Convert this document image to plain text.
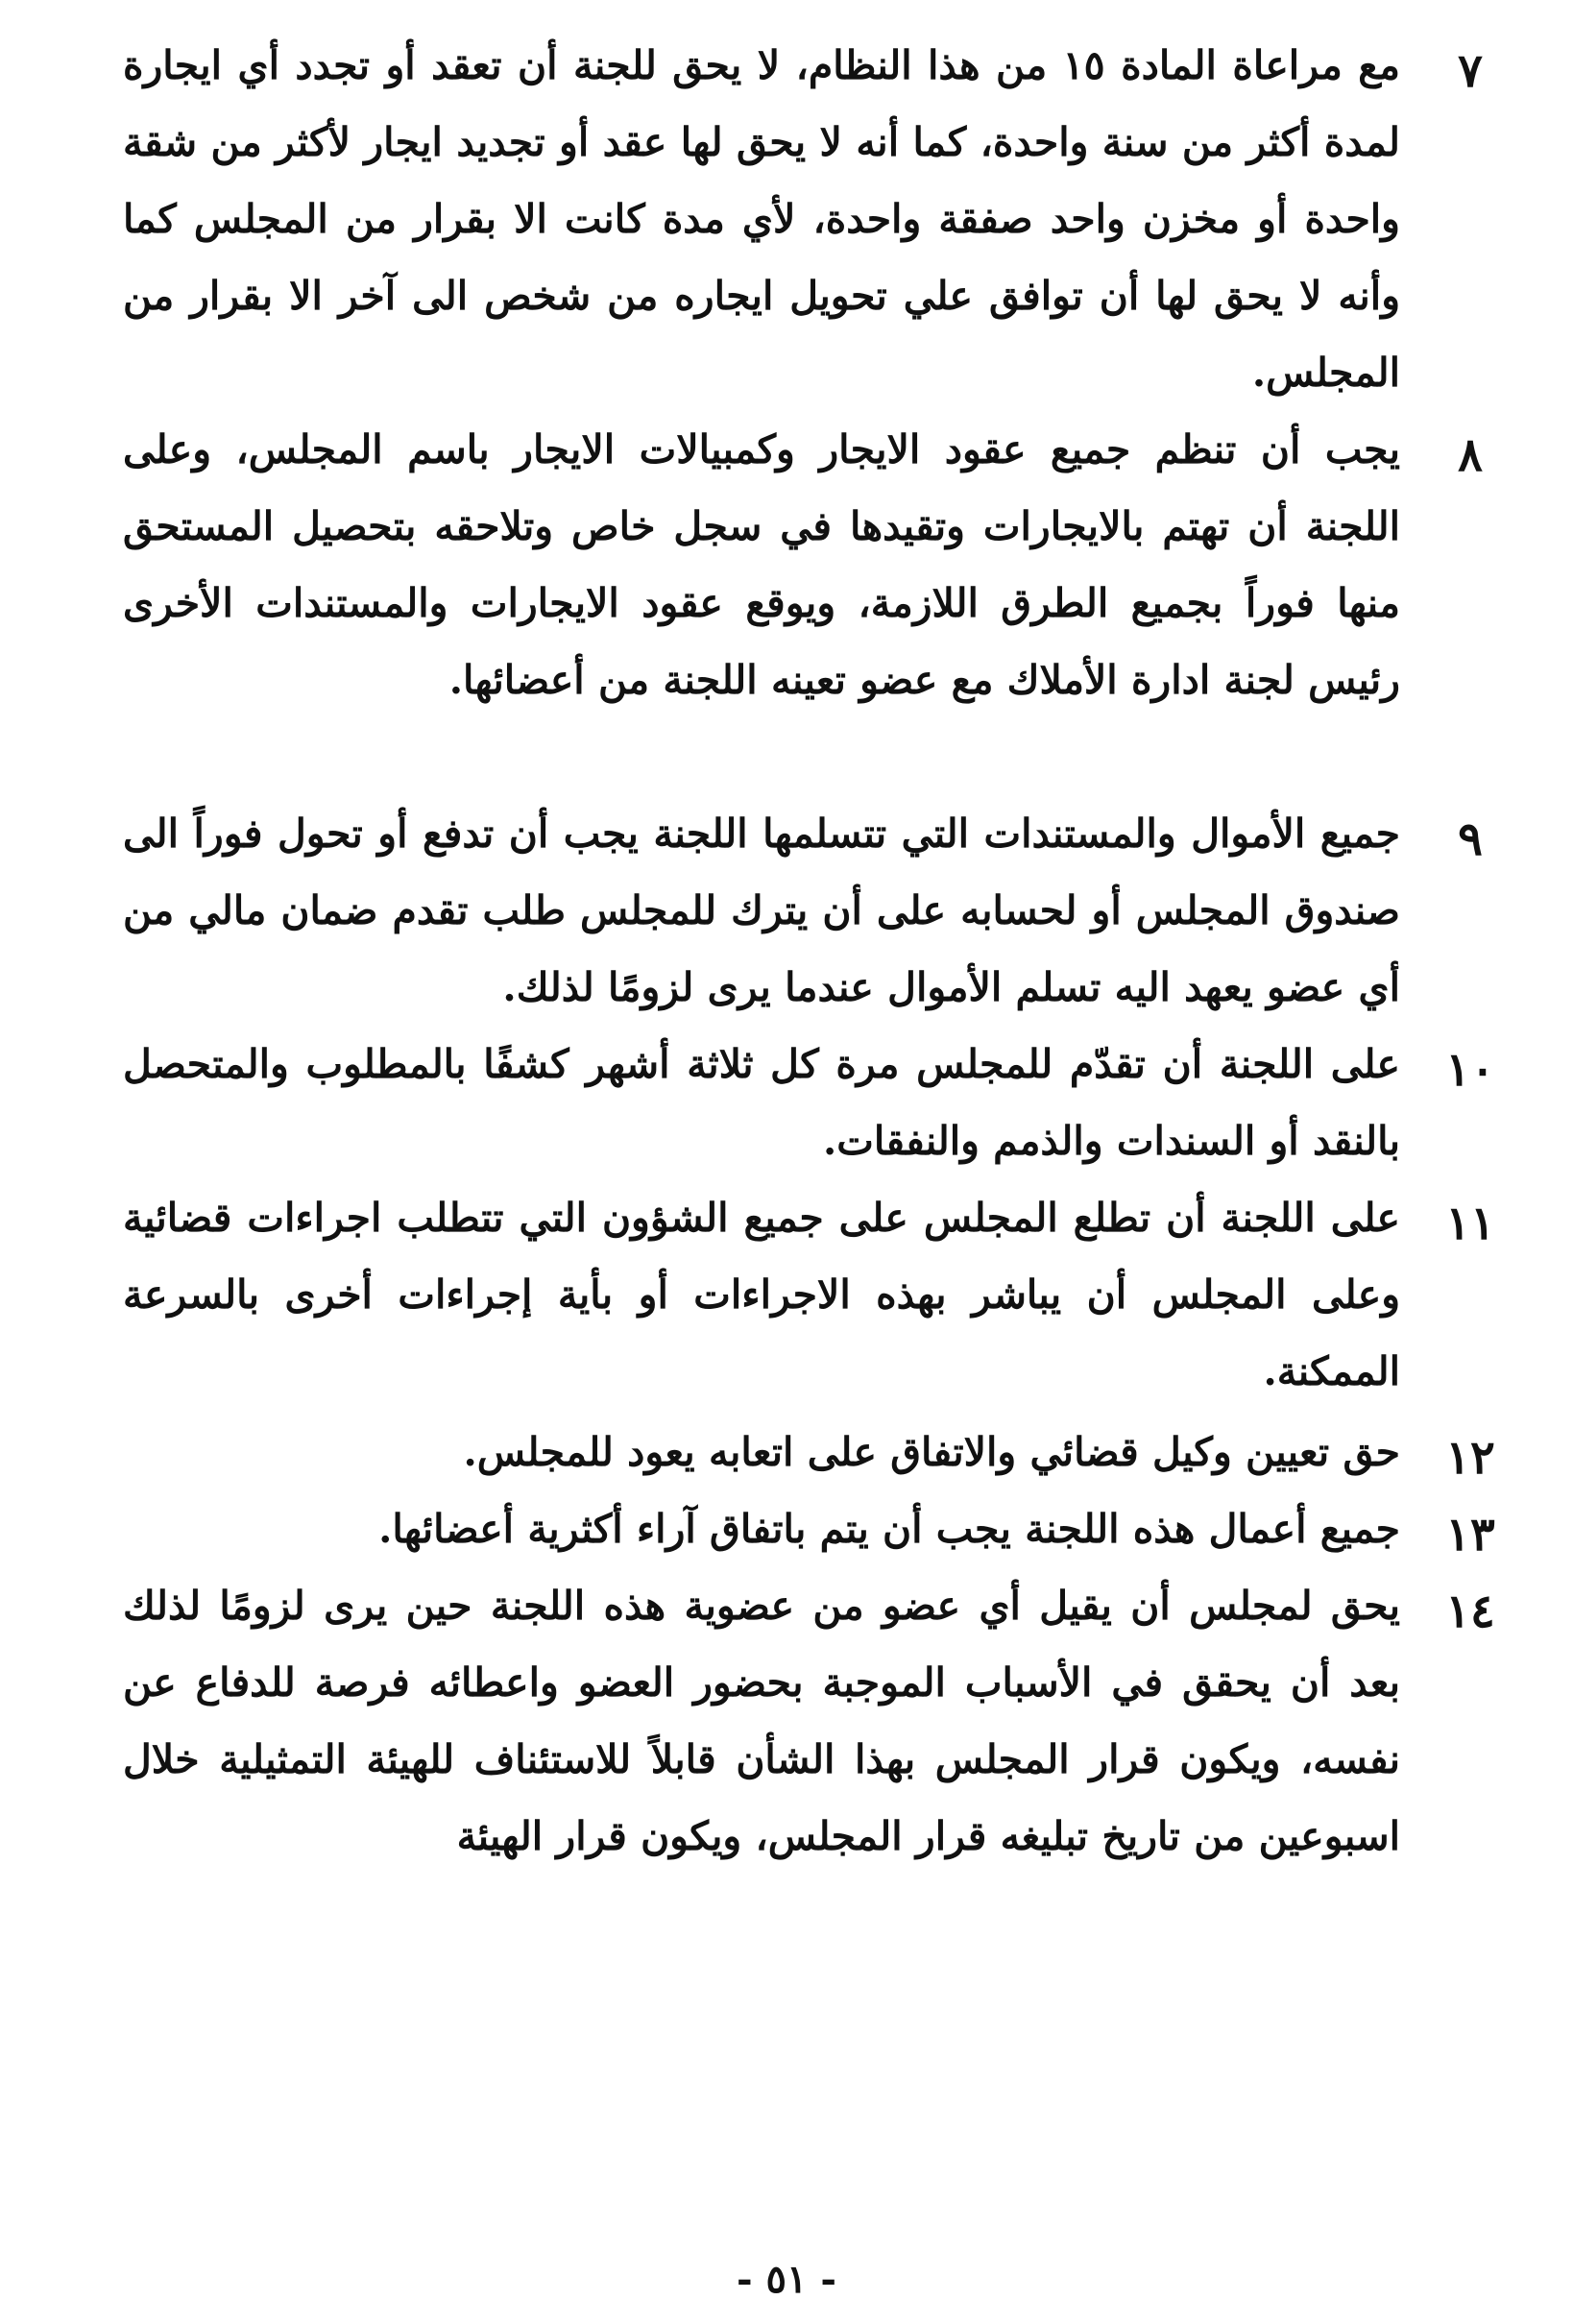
٧
مع مراعاة المادة ١٥ من هذا النظام، لا يحق للجنة أن تعقد أو تجدد أي ايجارة لمدة أكثر من سنة واحدة، كما أنه لا يحق لها عقد أو تجديد ايجار لأكثر من شقة واحدة أو مخزن واحد صفقة واحدة، لأي مدة كانت الا بقرار من المجلس كما وأنه لا يحق لها أن توافق علي تحويل ايجاره من شخص الى آخر الا بقرار من المجلس.
٨
يجب أن تنظم جميع عقود الايجار وكمبيالات الايجار باسم المجلس، وعلى اللجنة أن تهتم بالايجارات وتقيدها في سجل خاص وتلاحقه بتحصيل المستحق منها فوراً بجميع الطرق اللازمة، ويوقع عقود الايجارات والمستندات الأخرى رئيس لجنة ادارة الأملاك مع عضو تعينه اللجنة من أعضائها.
٩
جميع الأموال والمستندات التي تتسلمها اللجنة يجب أن تدفع أو تحول فوراً الى صندوق المجلس أو لحسابه على أن يترك للمجلس طلب تقدم ضمان مالي من أي عضو يعهد اليه تسلم الأموال عندما يرى لزومًا لذلك.
١٠
على اللجنة أن تقدّم للمجلس مرة كل ثلاثة أشهر كشفًا بالمطلوب والمتحصل بالنقد أو السندات والذمم والنفقات.
١١
على اللجنة أن تطلع المجلس على جميع الشؤون التي تتطلب اجراءات قضائية وعلى المجلس أن يباشر بهذه الاجراءات أو بأية إجراءات أخرى بالسرعة الممكنة.
١٢
حق تعيين وكيل قضائي والاتفاق على اتعابه يعود للمجلس.
١٣
جميع أعمال هذه اللجنة يجب أن يتم باتفاق آراء أكثرية أعضائها.
١٤
يحق لمجلس أن يقيل أي عضو من عضوية هذه اللجنة حين يرى لزومًا لذلك بعد أن يحقق في الأسباب الموجبة بحضور العضو واعطائه فرصة للدفاع عن نفسه، ويكون قرار المجلس بهذا الشأن قابلاً للاستئناف للهيئة التمثيلية خلال اسبوعين من تاريخ تبليغه قرار المجلس، ويكون قرار الهيئة
- ٥١ -
